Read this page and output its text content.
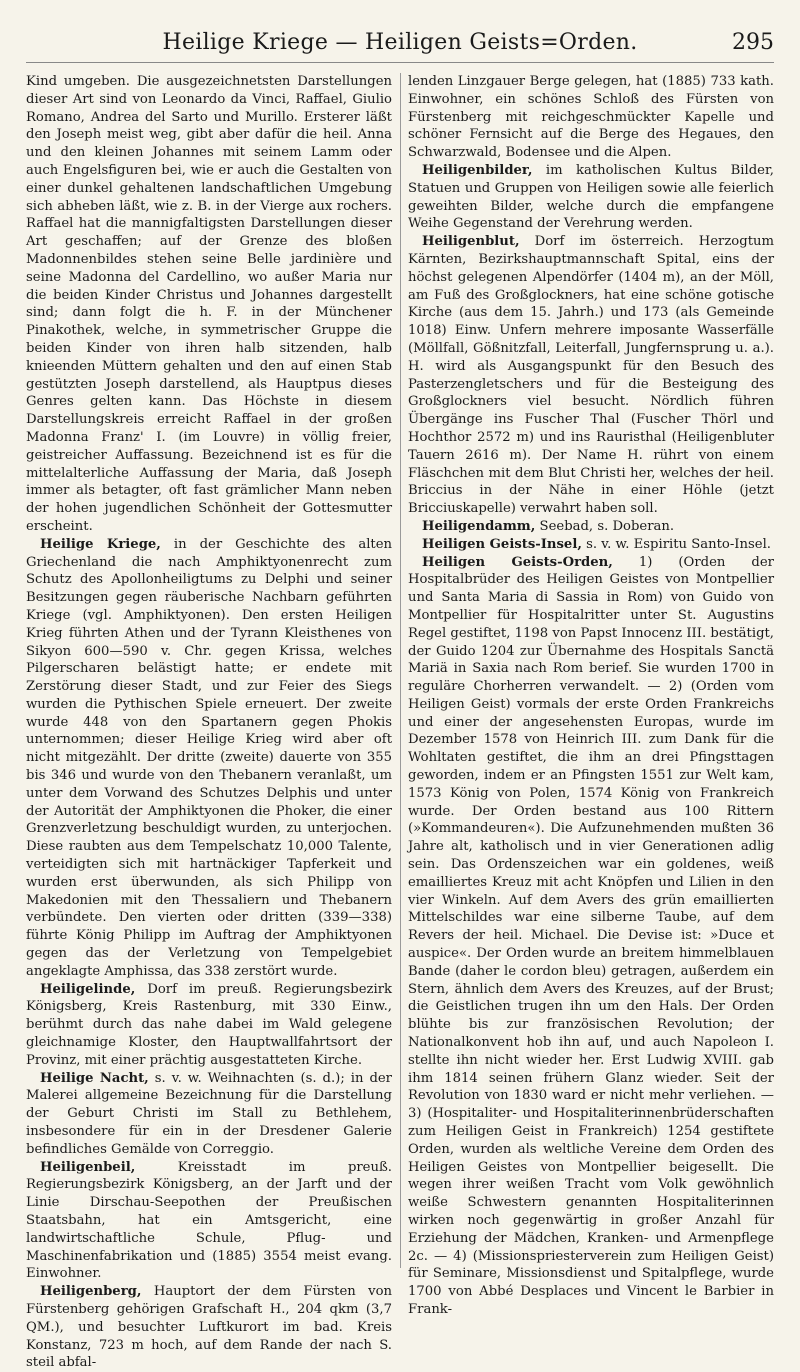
Heilige Kriege — Heiligen Geists=Orden.	295

Kind umgeben. Die ausgezeichnetsten Darstellungen dieser Art sind von Leonardo da Vinci, Raffael, Giulio Romano, Andrea del Sarto und Murillo. Ersterer läßt den Joseph meist weg, gibt aber dafür die heil. Anna und den kleinen Johannes mit seinem Lamm oder auch Engelsfiguren bei, wie er auch die Gestalten von einer dunkel gehaltenen landschaftlichen Umgebung sich abheben läßt, wie z. B. in der Vierge aux rochers. Raffael hat die mannigfaltigsten Darstellungen dieser Art geschaffen; auf der Grenze des bloßen Madonnenbildes stehen seine Belle jardinière und seine Madonna del Cardellino, wo außer Maria nur die beiden Kinder Christus und Johannes dargestellt sind; dann folgt die h. F. in der Münchener Pinakothek, welche, in symmetrischer Gruppe die beiden Kinder von ihren halb sitzenden, halb knieenden Müttern gehalten und den auf einen Stab gestützten Joseph darstellend, als Hauptpus dieses Genres gelten kann. Das Höchste in diesem Darstellungskreis erreicht Raffael in der großen Madonna Franz' I. (im Louvre) in völlig freier, geistreicher Auffassung. Bezeichnend ist es für die mittelalterliche Auffassung der Maria, daß Joseph immer als betagter, oft fast grämlicher Mann neben der hohen jugendlichen Schönheit der Gottesmutter erscheint.

Heilige Kriege, in der Geschichte des alten Griechenland die nach Amphiktyonenrecht zum Schutz des Apollonheiligtums zu Delphi und seiner Besitzungen gegen räuberische Nachbarn geführten Kriege (vgl. Amphiktyonen). Den ersten Heiligen Krieg führten Athen und der Tyrann Kleisthenes von Sikyon 600—590 v. Chr. gegen Krissa, welches Pilgerscharen belästigt hatte; er endete mit Zerstörung dieser Stadt, und zur Feier des Siegs wurden die Pythischen Spiele erneuert. Der zweite wurde 448 von den Spartanern gegen Phokis unternommen; dieser Heilige Krieg wird aber oft nicht mitgezählt. Der dritte (zweite) dauerte von 355 bis 346 und wurde von den Thebanern veranlaßt, um unter dem Vorwand des Schutzes Delphis und unter der Autorität der Amphiktyonen die Phoker, die einer Grenzverletzung beschuldigt wurden, zu unterjochen. Diese raubten aus dem Tempelschatz 10,000 Talente, verteidigten sich mit hartnäckiger Tapferkeit und wurden erst überwunden, als sich Philipp von Makedonien mit den Thessaliern und Thebanern verbündete. Den vierten oder dritten (339—338) führte König Philipp im Auftrag der Amphiktyonen gegen das der Verletzung von Tempelgebiet angeklagte Amphissa, das 338 zerstört wurde.

Heiligelinde, Dorf im preuß. Regierungsbezirk Königsberg, Kreis Rastenburg, mit 330 Einw., berühmt durch das nahe dabei im Wald gelegene gleichnamige Kloster, den Hauptwallfahrtsort der Provinz, mit einer prächtig ausgestatteten Kirche.

Heilige Nacht, s. v. w. Weihnachten (s. d.); in der Malerei allgemeine Bezeichnung für die Darstellung der Geburt Christi im Stall zu Bethlehem, insbesondere für ein in der Dresdener Galerie befindliches Gemälde von Correggio.

Heiligenbeil,	Kreisstadt im preuß. Regierungsbezirk Königsberg, an der Jarft und der Linie Dirschau-Seepothen der Preußischen Staatsbahn, hat ein Amtsgericht, eine landwirtschaftliche Schule, Pflug- und Maschinenfabrikation und (1885) 3554 meist evang. Einwohner.

Heiligenberg, Hauptort der dem Fürsten von Fürstenberg gehörigen Grafschaft H., 204 qkm (3,7 QM.), und besuchter Luftkurort im bad. Kreis Konstanz, 723 m hoch, auf dem Rande der nach S. steil abfal-

lenden Linzgauer Berge gelegen, hat (1885) 733 kath. Einwohner, ein schönes Schloß des Fürsten von Fürstenberg mit reichgeschmückter Kapelle und schöner Fernsicht auf die Berge des Hegaues, den Schwarzwald, Bodensee und die Alpen.

Heiligenbilder, im katholischen Kultus Bilder, Statuen und Gruppen von Heiligen sowie alle feierlich geweihten Bilder, welche durch die empfangene Weihe Gegenstand der Verehrung werden.

Heiligenblut, Dorf im österreich. Herzogtum Kärnten, Bezirkshauptmannschaft Spital, eins der höchst gelegenen Alpendörfer (1404 m), an der Möll, am Fuß des Großglockners, hat eine schöne gotische Kirche (aus dem 15. Jahrh.) und 173 (als Gemeinde 1018) Einw. Unfern mehrere imposante Wasserfälle (Möllfall, Gößnitzfall, Leiterfall, Jungfernsprung u. a.). H. wird als Ausgangspunkt für den Besuch des Pasterzengletschers und für die Besteigung des Großglockners viel besucht. Nördlich führen Übergänge ins Fuscher Thal (Fuscher Thörl und Hochthor 2572 m) und ins Rauristhal (Heiligenbluter Tauern 2616 m). Der Name H. rührt von einem Fläschchen mit dem Blut Christi her, welches der heil. Briccius in der Nähe in einer Höhle (jetzt Bricciuskapelle) verwahrt haben soll.

Heiligendamm, Seebad, s. Doberan.

Heiligen Geists-Insel, s. v. w. Espiritu Santo-Insel.

Heiligen Geists-Orden, 1) (Orden der Hospitalbrüder des Heiligen Geistes von Montpellier und Santa Maria di Sassia in Rom) von Guido von Montpellier für Hospitalritter unter St. Augustins Regel gestiftet, 1198 von Papst Innocenz III. bestätigt, der Guido 1204 zur Übernahme des Hospitals Sanctä Mariä in Saxia nach Rom berief. Sie wurden 1700 in reguläre Chorherren verwandelt. — 2) (Orden vom Heiligen Geist) vormals der erste Orden Frankreichs und einer der angesehensten Europas, wurde im Dezember 1578 von Heinrich III. zum Dank für die Wohltaten gestiftet, die ihm an drei Pfingsttagen geworden, indem er an Pfingsten 1551 zur Welt kam, 1573 König von Polen, 1574 König von Frankreich wurde. Der Orden bestand aus 100 Rittern (»Kommandeuren«). Die Aufzunehmenden mußten 36 Jahre alt, katholisch und in vier Generationen adlig sein. Das Ordenszeichen war ein goldenes, weiß emailliertes Kreuz mit acht Knöpfen und Lilien in den vier Winkeln. Auf dem Avers des grün emaillierten Mittelschildes war eine silberne Taube, auf dem Revers der heil. Michael. Die Devise ist: »Duce et auspice«. Der Orden wurde an breitem himmelblauen Bande (daher le cordon bleu) getragen, außerdem ein Stern, ähnlich dem Avers des Kreuzes, auf der Brust; die Geistlichen trugen ihn um den Hals. Der Orden blühte bis zur französischen Revolution; der Nationalkonvent hob ihn auf, und auch Napoleon I. stellte ihn nicht wieder her. Erst Ludwig XVIII. gab ihm 1814 seinen frühern Glanz wieder. Seit der Revolution von 1830 ward er nicht mehr verliehen. — 3) (Hospitaliter- und Hospitaliterinnenbrüderschaften zum Heiligen Geist in Frankreich) 1254 gestiftete Orden, wurden als weltliche Vereine dem Orden des Heiligen Geistes von Montpellier beigesellt. Die wegen ihrer weißen Tracht vom Volk gewöhnlich weiße Schwestern genannten Hospitaliterinnen wirken noch gegenwärtig in großer Anzahl für Erziehung der Mädchen, Kranken- und Armenpflege 2c. — 4) (Missionspriesterverein zum Heiligen Geist) für Seminare, Missionsdienst und Spitalpflege, wurde 1700 von Abbé Desplaces und Vincent le Barbier in Frank-
